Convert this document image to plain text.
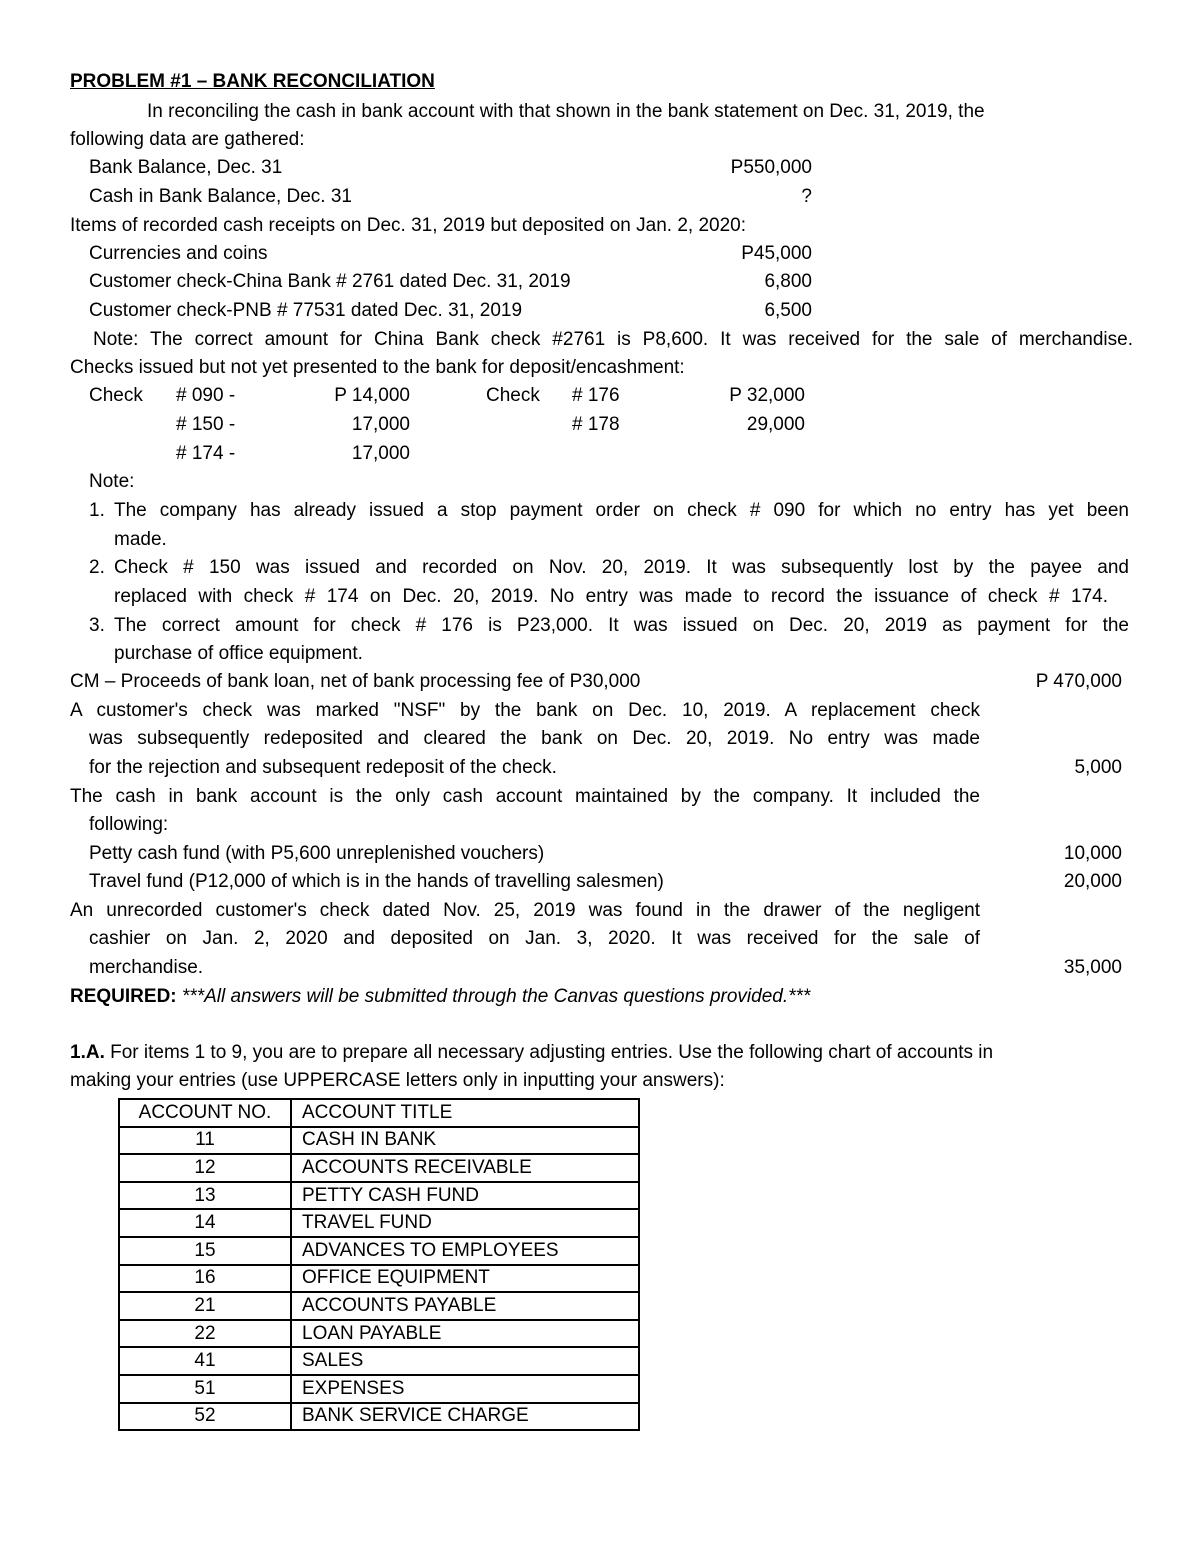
PROBLEM #1 – BANK RECONCILIATION
In reconciling the cash in bank account with that shown in the bank statement on Dec. 31, 2019, the
following data are gathered:
Bank Balance, Dec. 31	P550,000
Cash in Bank Balance, Dec. 31	?
Items of recorded cash receipts on Dec. 31, 2019 but deposited on Jan. 2, 2020:
Currencies and coins	P45,000
Customer check-China Bank # 2761 dated Dec. 31, 2019	6,800
Customer check-PNB # 77531 dated Dec. 31, 2019	6,500
Note: The correct amount for China Bank check #2761 is P8,600. It was received for the sale of merchandise.
Checks issued but not yet presented to the bank for deposit/encashment:
Check # 090 -	P 14,000	Check # 176	P 32,000
# 150 -	17,000	# 178	29,000
# 174 -	17,000
Note:
1. The company has already issued a stop payment order on check # 090 for which no entry has yet been
made.
2. Check # 150 was issued and recorded on Nov. 20, 2019. It was subsequently lost by the payee and
replaced with check # 174 on Dec. 20, 2019. No entry was made to record the issuance of check # 174.
3. The correct amount for check # 176 is P23,000. It was issued on Dec. 20, 2019 as payment for the
purchase of office equipment.
CM – Proceeds of bank loan, net of bank processing fee of P30,000	P 470,000
A customer's check was marked "NSF" by the bank on Dec. 10, 2019. A replacement check
was subsequently redeposited and cleared the bank on Dec. 20, 2019. No entry was made
for the rejection and subsequent redeposit of the check.	5,000
The cash in bank account is the only cash account maintained by the company. It included the
following:
Petty cash fund (with P5,600 unreplenished vouchers)	10,000
Travel fund (P12,000 of which is in the hands of travelling salesmen)	20,000
An unrecorded customer's check dated Nov. 25, 2019 was found in the drawer of the negligent
cashier on Jan. 2, 2020 and deposited on Jan. 3, 2020. It was received for the sale of
merchandise.	35,000
REQUIRED: ***All answers will be submitted through the Canvas questions provided.***
1.A. For items 1 to 9, you are to prepare all necessary adjusting entries. Use the following chart of accounts in
making your entries (use UPPERCASE letters only in inputting your answers):
ACCOUNT NO.	ACCOUNT TITLE
11	CASH IN BANK
12	ACCOUNTS RECEIVABLE
13	PETTY CASH FUND
14	TRAVEL FUND
15	ADVANCES TO EMPLOYEES
16	OFFICE EQUIPMENT
21	ACCOUNTS PAYABLE
22	LOAN PAYABLE
41	SALES
51	EXPENSES
52	BANK SERVICE CHARGE
